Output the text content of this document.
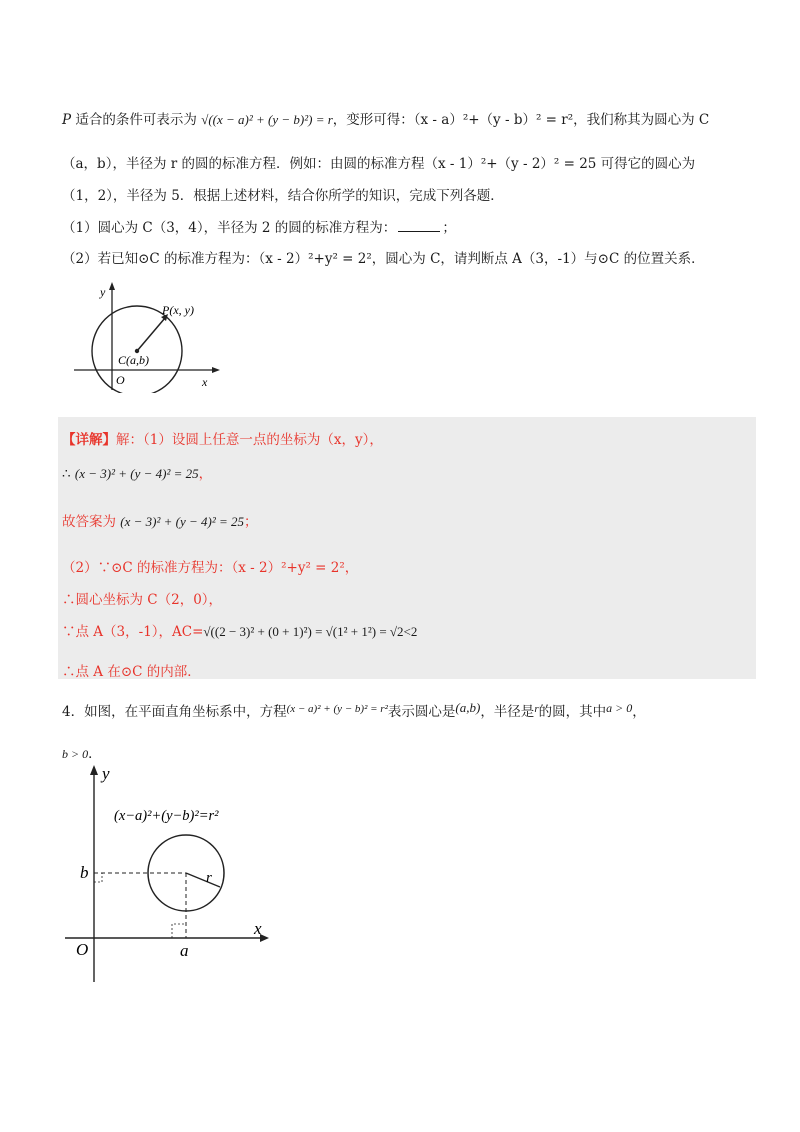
P 适合的条件可表示为 √((x − a)² + (y − b)²) = r，变形可得：（x - a）²+（y - b）² = r²，我们称其为圆心为 C
（a，b），半径为 r 的圆的标准方程．例如：由圆的标准方程（x - 1）²+（y - 2）² = 25 可得它的圆心为
（1，2），半径为 5．根据上述材料，结合你所学的知识，完成下列各题．
（1）圆心为 C（3，4），半径为 2 的圆的标准方程为：	；
（2）若已知⊙C 的标准方程为：（x - 2）²+y² = 2²，圆心为 C，请判断点 A（3，-1）与⊙C 的位置关系．
y
x
O
P(x, y)
C(a,b)
【详解】解：（1）设圆上任意一点的坐标为（x，y），
∴ (x − 3)² + (y − 4)² = 25，
故答案为 (x − 3)² + (y − 4)² = 25；
（2）∵⊙C 的标准方程为：（x - 2）²+y² = 2²，
∴圆心坐标为 C（2，0），
∵点 A（3，-1），AC=√((2 − 3)² + (0 + 1)²) = √(1² + 1²) = √2<2
∴点 A 在⊙C 的内部．
4．如图，在平面直角坐标系中，方程$^{(x - a)^2 + (y - b)^2 = r^2}$表示圆心是(a,b)，半径是$^r$的圆，其中a > 0，
b > 0．
y
x
O	a
b	r
(x−a)²+(y−b)²=r²
